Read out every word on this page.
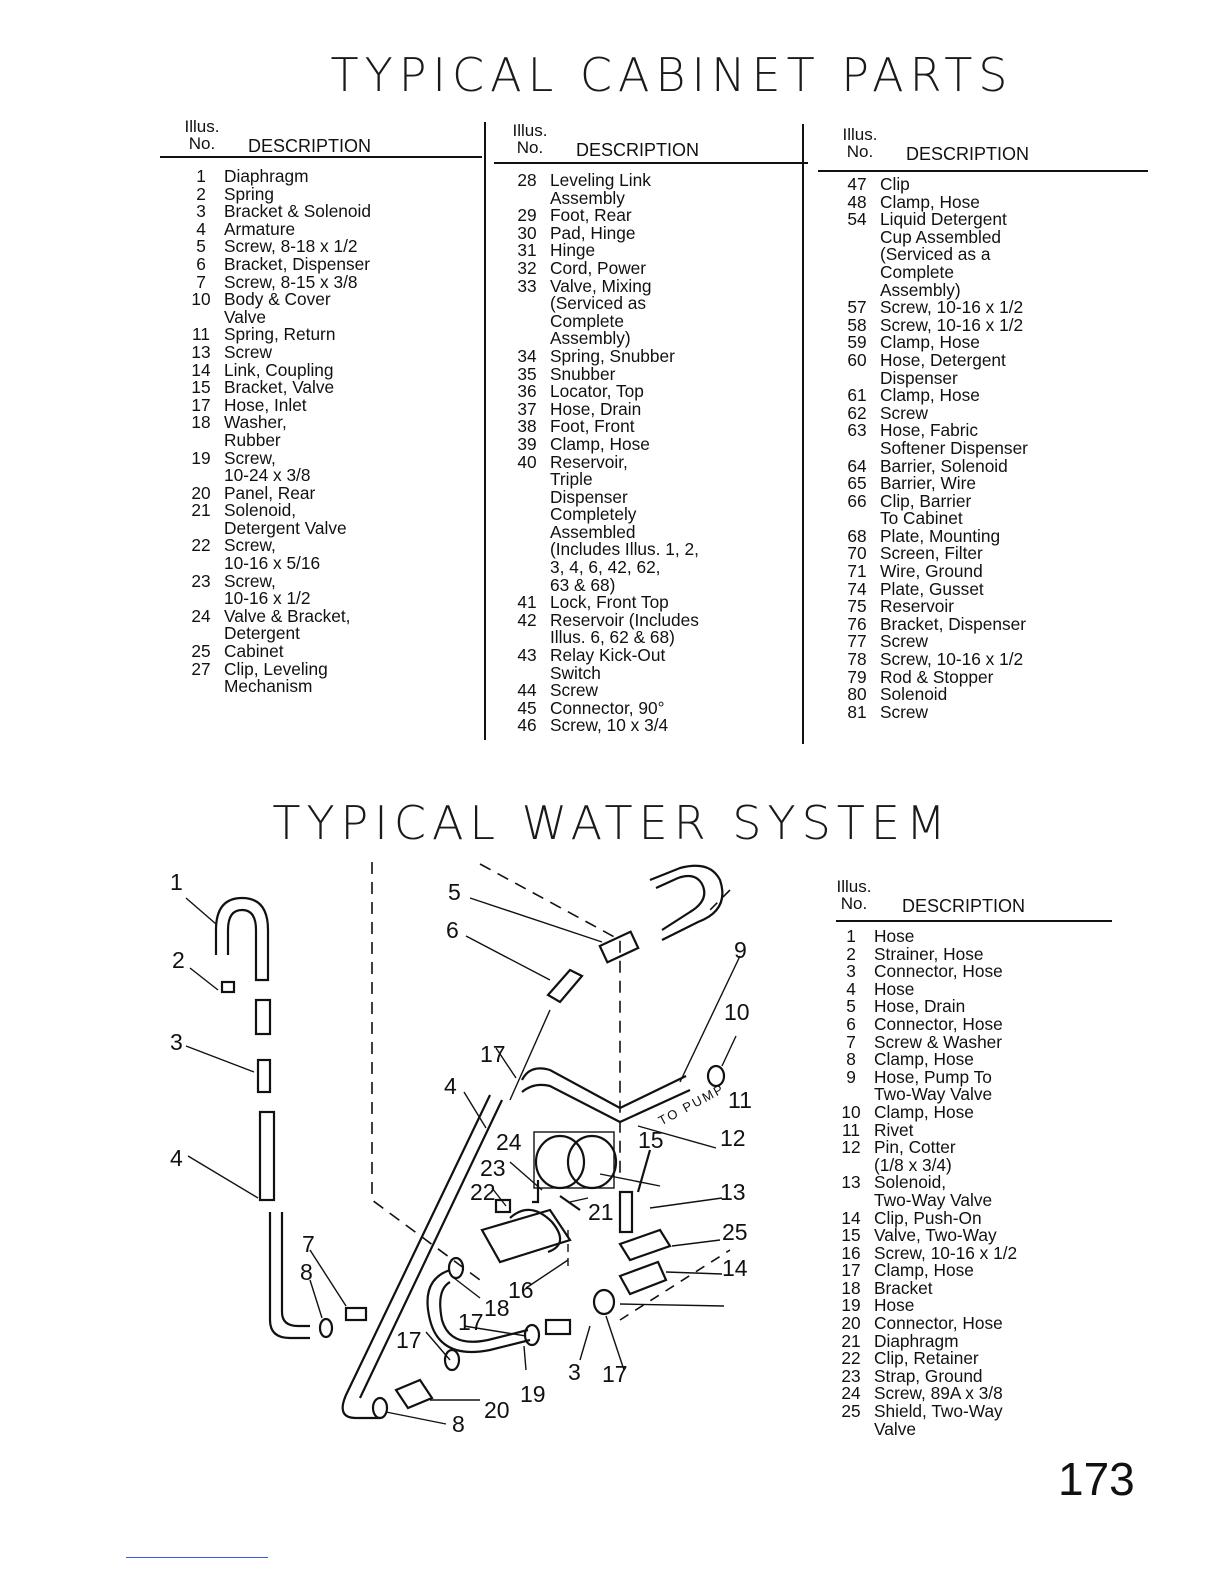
TYPICAL CABINET PARTS
TYPICAL WATER SYSTEM
Illus.
No.	DESCRIPTION
1	Diaphragm
2	Spring
3	Bracket & Solenoid
4	Armature
5	Screw, 8-18 x 1/2
6	Bracket, Dispenser
7	Screw, 8-15 x 3/8
10 Body & Cover
Valve
11 Spring, Return
13 Screw
14 Link, Coupling
15 Bracket, Valve
17 Hose, Inlet
18 Washer,
Rubber
19 Screw,
10-24 x 3/8
20 Panel, Rear
21 Solenoid,
Detergent Valve
22 Screw,
10-16 x 5/16
23 Screw,
10-16 x 1/2
24 Valve & Bracket,
Detergent
25 Cabinet
27 Clip, Leveling
Mechanism
Illus.
No.	DESCRIPTION
28 Leveling Link
Assembly
29 Foot, Rear
30 Pad, Hinge
31 Hinge
32 Cord, Power
33 Valve, Mixing
(Serviced as
Complete
Assembly)
34 Spring, Snubber
35 Snubber
36 Locator, Top
37 Hose, Drain
38 Foot, Front
39 Clamp, Hose
40 Reservoir,
Triple
Dispenser
Completely
Assembled
(Includes Illus. 1, 2,
3, 4, 6, 42, 62,
63 & 68)
41 Lock, Front Top
42 Reservoir (Includes
Illus. 6, 62 & 68)
43 Relay Kick-Out
Switch
44 Screw
45 Connector, 90°
46 Screw, 10 x 3/4
Illus.
No.	DESCRIPTION
47 Clip
48 Clamp, Hose
54 Liquid Detergent
Cup Assembled
(Serviced as a
Complete
Assembly)
57 Screw, 10-16 x 1/2
58 Screw, 10-16 x 1/2
59 Clamp, Hose
60 Hose, Detergent
Dispenser
61 Clamp, Hose
62 Screw
63 Hose, Fabric
Softener Dispenser
64 Barrier, Solenoid
65 Barrier, Wire
66 Clip, Barrier
To Cabinet
68 Plate, Mounting
70 Screen, Filter
71 Wire, Ground
74 Plate, Gusset
75 Reservoir
76 Bracket, Dispenser
77 Screw
78 Screw, 10-16 x 1/2
79 Rod & Stopper
80 Solenoid
81 Screw
Illus.
No.	DESCRIPTION
1	Hose
2	Strainer, Hose
3	Connector, Hose
4	Hose
5	Hose, Drain
6	Connector, Hose
7	Screw & Washer
8	Clamp, Hose
9	Hose, Pump To
Two-Way Valve
10 Clamp, Hose
11 Rivet
12 Pin, Cotter
(1/8 x 3/4)
13 Solenoid,
Two-Way Valve
14 Clip, Push-On
15 Valve, Two-Way
16 Screw, 10-16 x 1/2
17 Clamp, Hose
18 Bracket
19 Hose
20 Connector, Hose
21 Diaphragm
22 Clip, Retainer
23 Strap, Ground
24 Screw, 89A x 3/8
25 Shield, Two-Way
Valve
1
2
3
4
5
6
4
7
8
17
24
23
22
21
15
9
10
11
12
13
25
14
16
18
17
17
3 17
19
20
8
TO PUMP
173
